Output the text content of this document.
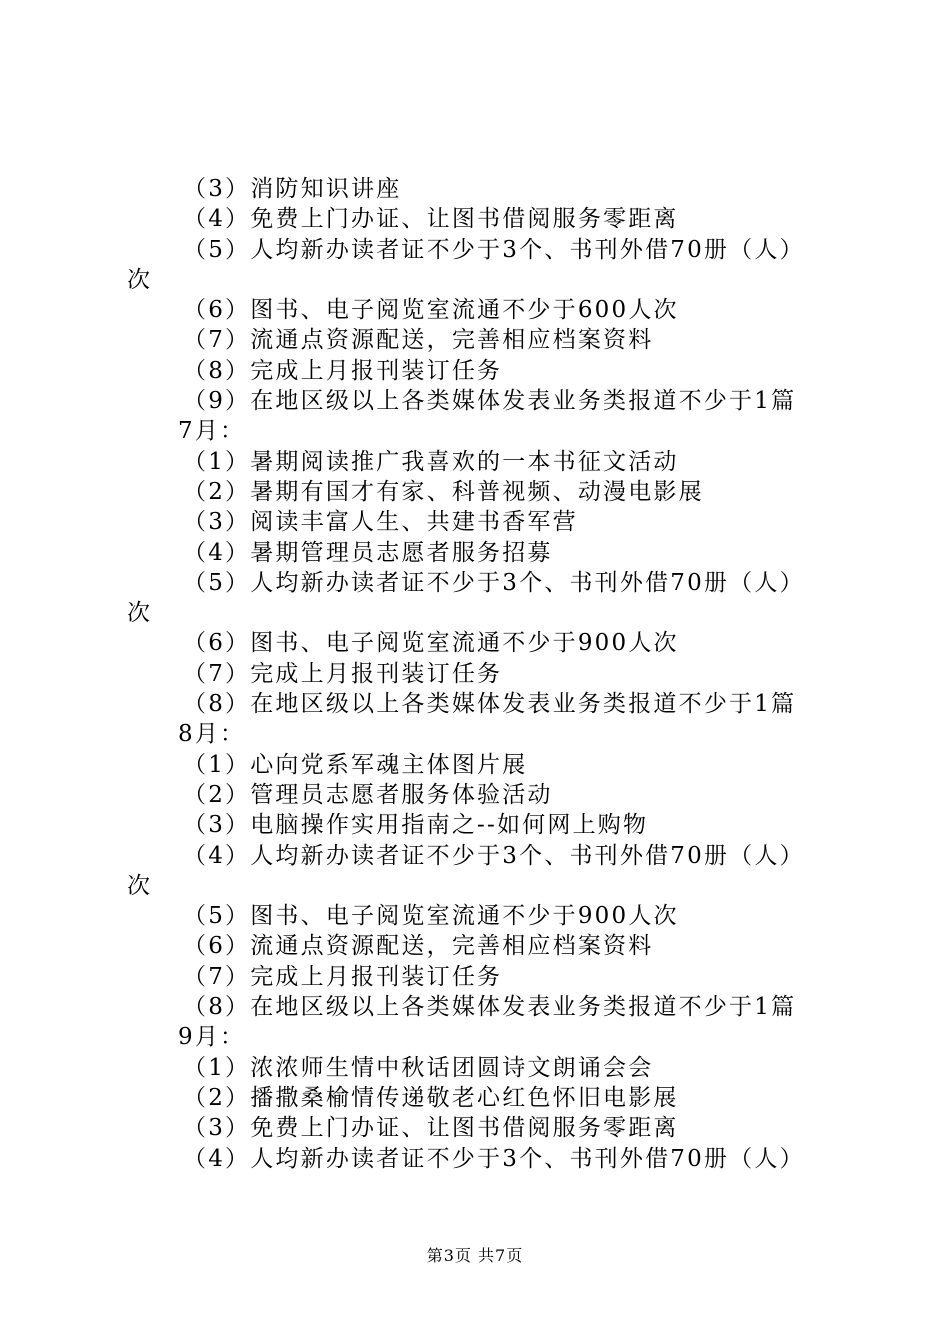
（3）消防知识讲座
（4）免费上门办证、让图书借阅服务零距离
（5）人均新办读者证不少于3个、书刊外借70册（人）
次
（6）图书、电子阅览室流通不少于600人次
（7）流通点资源配送，完善相应档案资料
（8）完成上月报刊装订任务
（9）在地区级以上各类媒体发表业务类报道不少于1篇
7月：
（1）暑期阅读推广我喜欢的一本书征文活动
（2）暑期有国才有家、科普视频、动漫电影展
（3）阅读丰富人生、共建书香军营
（4）暑期管理员志愿者服务招募
（5）人均新办读者证不少于3个、书刊外借70册（人）
次
（6）图书、电子阅览室流通不少于900人次
（7）完成上月报刊装订任务
（8）在地区级以上各类媒体发表业务类报道不少于1篇
8月：
（1）心向党系军魂主体图片展
（2）管理员志愿者服务体验活动
（3）电脑操作实用指南之--如何网上购物
（4）人均新办读者证不少于3个、书刊外借70册（人）
次
（5）图书、电子阅览室流通不少于900人次
（6）流通点资源配送，完善相应档案资料
（7）完成上月报刊装订任务
（8）在地区级以上各类媒体发表业务类报道不少于1篇
9月：
（1）浓浓师生情中秋话团圆诗文朗诵会会
（2）播撒桑榆情传递敬老心红色怀旧电影展
（3）免费上门办证、让图书借阅服务零距离
（4）人均新办读者证不少于3个、书刊外借70册（人）
第3页 共7页
